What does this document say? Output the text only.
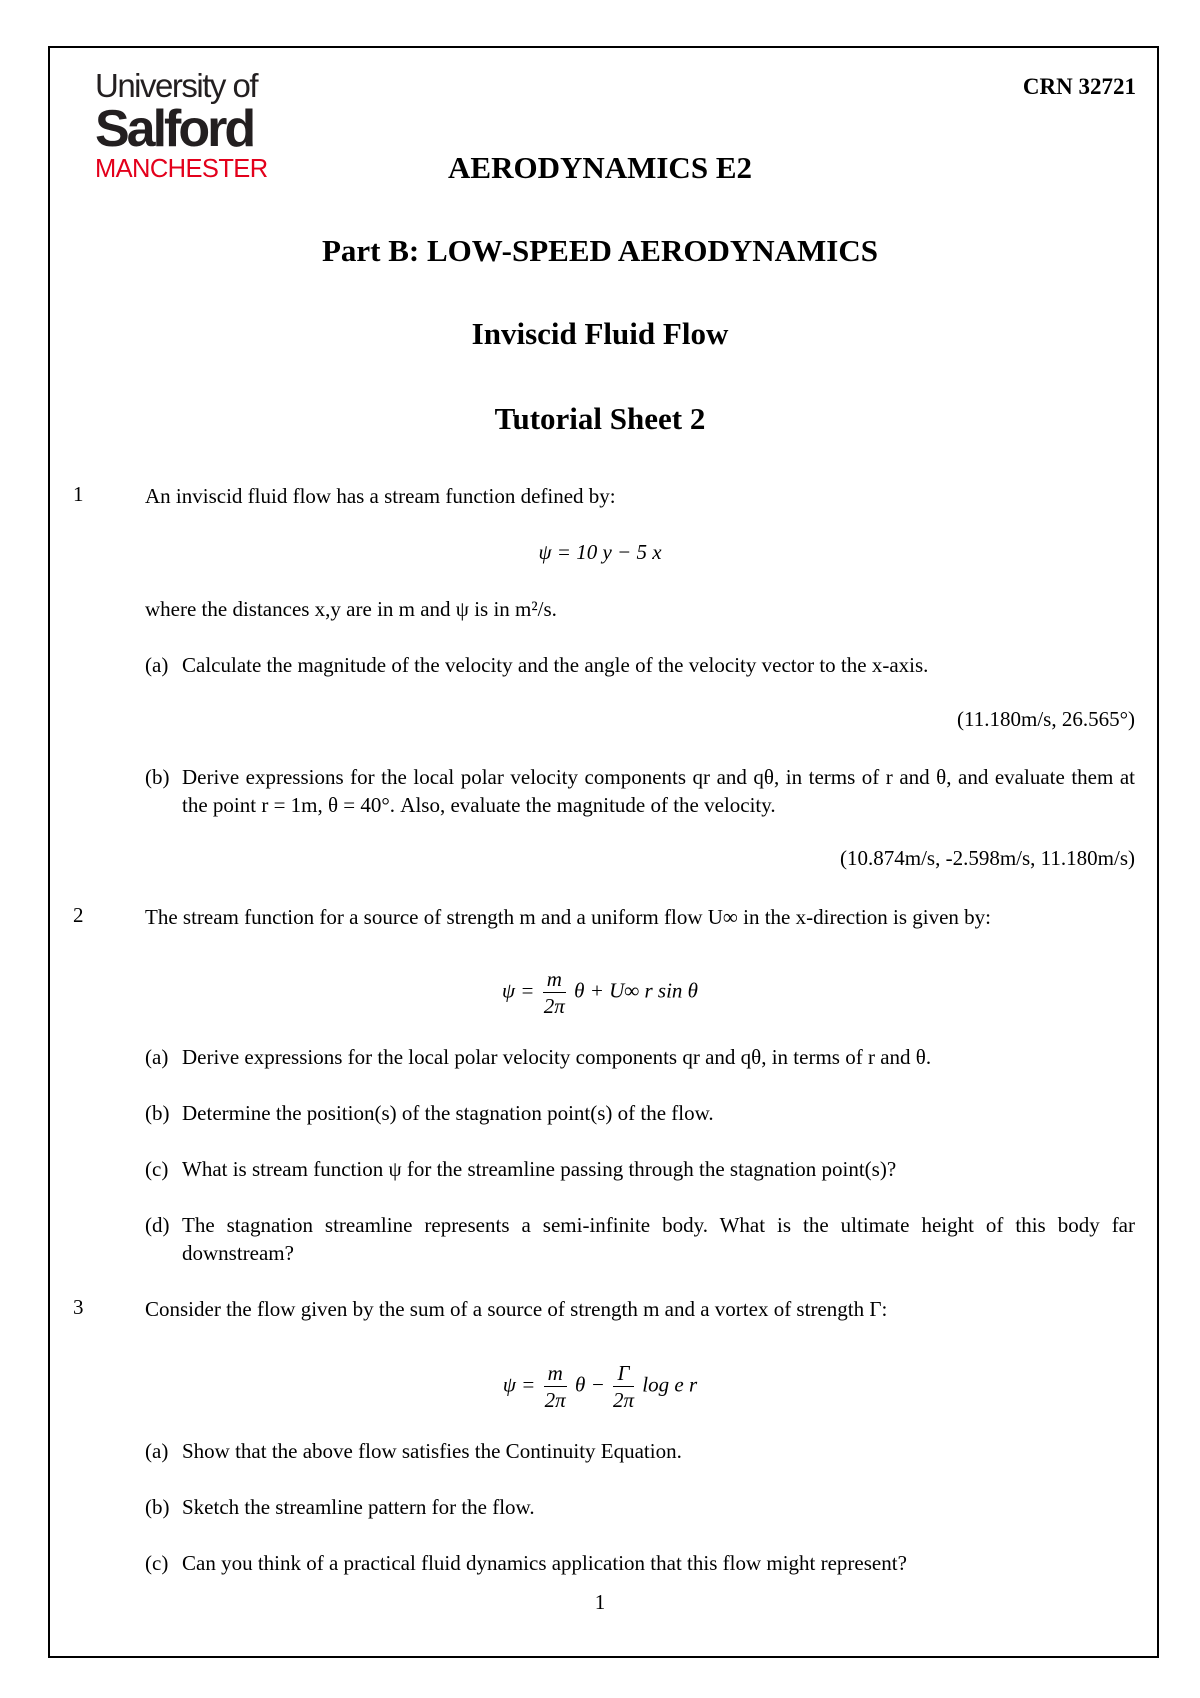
University of
Salford
MANCHESTER
CRN 32721
AERODYNAMICS E2
Part B: LOW-SPEED AERODYNAMICS
Inviscid Fluid Flow
Tutorial Sheet 2
1	An inviscid fluid flow has a stream function defined by:
ψ = 10 y − 5 x
where the distances x,y are in m and ψ is in m²/s.
(a) Calculate the magnitude of the velocity and the angle of the velocity vector to the x-axis.
(11.180m/s, 26.565°)
(b) Derive expressions for the local polar velocity components qr and qθ, in terms of r and θ, and evaluate them at the point r = 1m, θ = 40°. Also, evaluate the magnitude of the velocity.
(10.874m/s, -2.598m/s, 11.180m/s)
2	The stream function for a source of strength m and a uniform flow U∞ in the x-direction is given by:
$\psi = \frac{m}{2\pi}$ θ + U∞ r sin θ
(a) Derive expressions for the local polar velocity components qr and qθ, in terms of r and θ.
(b) Determine the position(s) of the stagnation point(s) of the flow.
(c) What is stream function ψ for the streamline passing through the stagnation point(s)?
(d) The stagnation streamline represents a semi-infinite body. What is the ultimate height of this body far downstream?
3	Consider the flow given by the sum of a source of strength m and a vortex of strength Γ:
$\psi = \frac{m}{2\pi}$ $\theta - \frac{\Gamma}{2\pi}$ log e r
(a) Show that the above flow satisfies the Continuity Equation.
(b) Sketch the streamline pattern for the flow.
(c) Can you think of a practical fluid dynamics application that this flow might represent?
1
